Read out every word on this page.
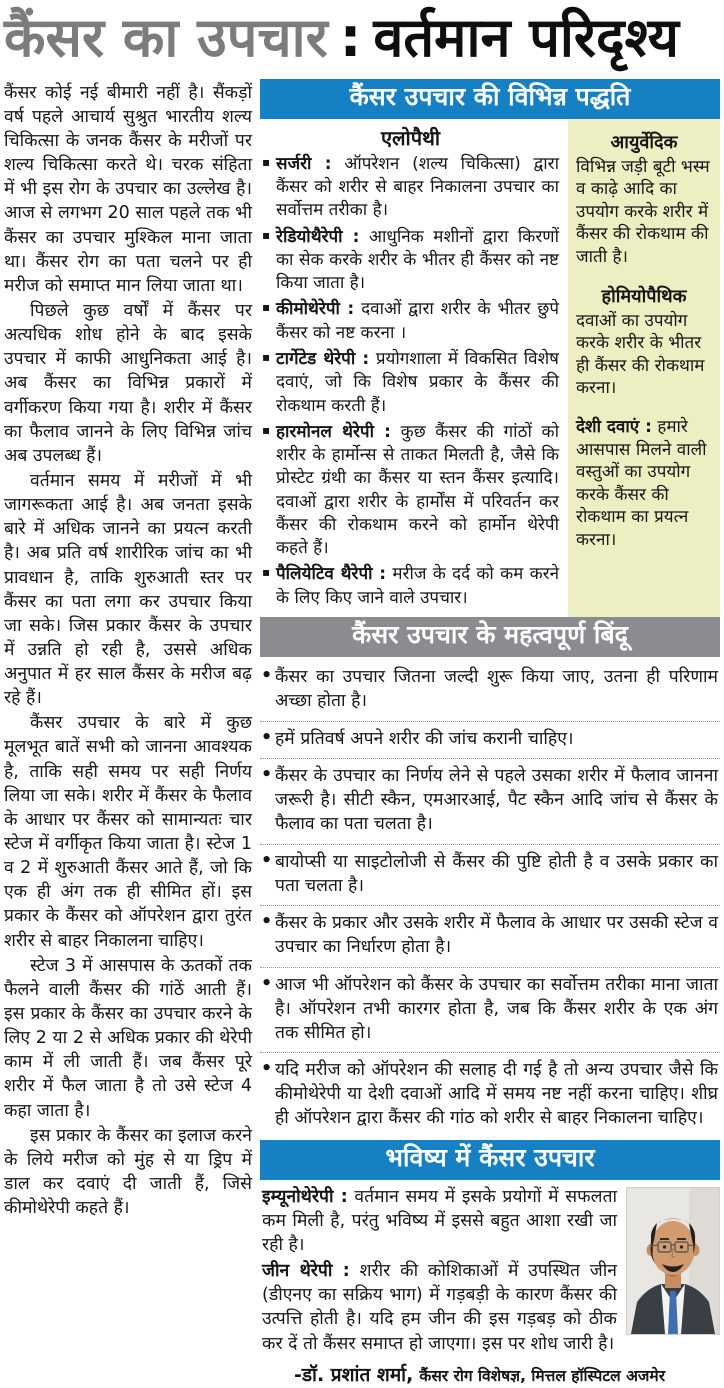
कैंसर का उपचार : वर्तमान परिदृश्य

कैंसर कोई नई बीमारी नहीं है। सैंकड़ों वर्ष पहले आचार्य सुश्रुत भारतीय शल्य चिकित्सा के जनक कैंसर के मरीजों पर शल्य चिकित्सा करते थे। चरक संहिता में भी इस रोग के उपचार का उल्लेख है। आज से लगभग 20 साल पहले तक भी कैंसर का उपचार मुश्किल माना जाता था। कैंसर रोग का पता चलने पर ही मरीज को समाप्त मान लिया जाता था।

पिछले कुछ वर्षों में कैंसर पर अत्यधिक शोध होने के बाद इसके उपचार में काफी आधुनिकता आई है। अब कैंसर का विभिन्न प्रकारों में वर्गीकरण किया गया है। शरीर में कैंसर का फैलाव जानने के लिए विभिन्न जांच अब उपलब्ध हैं।

वर्तमान समय में मरीजों में भी जागरूकता आई है। अब जनता इसके बारे में अधिक जानने का प्रयत्न करती है। अब प्रति वर्ष शारीरिक जांच का भी प्रावधान है, ताकि शुरुआती स्तर पर कैंसर का पता लगा कर उपचार किया जा सके। जिस प्रकार कैंसर के उपचार में उन्नति हो रही है, उससे अधिक अनुपात में हर साल कैंसर के मरीज बढ़ रहे हैं।

कैंसर उपचार के बारे में कुछ मूलभूत बातें सभी को जानना आवश्यक है, ताकि सही समय पर सही निर्णय लिया जा सके। शरीर में कैंसर के फैलाव के आधार पर कैंसर को सामान्यतः चार स्टेज में वर्गीकृत किया जाता है। स्टेज 1 व 2 में शुरुआती कैंसर आते हैं, जो कि एक ही अंग तक ही सीमित हों। इस प्रकार के कैंसर को ऑपरेशन द्वारा तुरंत शरीर से बाहर निकालना चाहिए।

स्टेज 3 में आसपास के ऊतकों तक फैलने वाली कैंसर की गांठें आती हैं। इस प्रकार के कैंसर का उपचार करने के लिए 2 या 2 से अधिक प्रकार की थेरेपी काम में ली जाती हैं। जब कैंसर पूरे शरीर में फैल जाता है तो उसे स्टेज 4 कहा जाता है।

इस प्रकार के कैंसर का इलाज करने के लिये मरीज को मुंह से या ड्रिप में डाल कर दवाएं दी जाती हैं, जिसे कीमोथेरेपी कहते हैं।

कैंसर उपचार की विभिन्न पद्धति
एलोपैथी
▪ सर्जरी : ऑपरेशन (शल्य चिकित्सा) द्वारा कैंसर को शरीर से बाहर निकालना उपचार का सर्वोत्तम तरीका है।
▪ रेडियोथैरेपी : आधुनिक मशीनों द्वारा किरणों का सेक करके शरीर के भीतर ही कैंसर को नष्ट किया जाता है।
▪ कीमोथेरेपी : दवाओं द्वारा शरीर के भीतर छुपे कैंसर को नष्ट करना ।
▪ टार्गेटेड थेरेपी : प्रयोगशाला में विकसित विशेष दवाएं, जो कि विशेष प्रकार के कैंसर की रोकथाम करती हैं।
▪ हारमोनल थेरेपी : कुछ कैंसर की गांठों को शरीर के हार्मोन्स से ताकत मिलती है, जैसे कि प्रोस्टेट ग्रंथी का कैंसर या स्तन कैंसर इत्यादि। दवाओं द्वारा शरीर के हार्मोंस में परिवर्तन कर कैंसर की रोकथाम करने को हार्मोन थेरेपी कहते हैं।
▪ पैलियेटिव थैरेपी : मरीज के दर्द को कम करने के लिए किए जाने वाले उपचार।
आयुर्वेदिक
विभिन्न जड़ी बूटी भस्म व काढ़े आदि का उपयोग करके शरीर में कैंसर की रोकथाम की जाती है।
होमियोपैथिक
दवाओं का उपयोग करके शरीर के भीतर ही कैंसर की रोकथाम करना।

देशी दवाएं : हमारे आसपास मिलने वाली वस्तुओं का उपयोग करके कैंसर की रोकथाम का प्रयत्न करना।

कैंसर उपचार के महत्वपूर्ण बिंदू
• कैंसर का उपचार जितना जल्दी शुरू किया जाए, उतना ही परिणाम अच्छा होता है।
• हमें प्रतिवर्ष अपने शरीर की जांच करानी चाहिए।
• कैंसर के उपचार का निर्णय लेने से पहले उसका शरीर में फैलाव जानना जरूरी है। सीटी स्कैन, एमआरआई, पैट स्कैन आदि जांच से कैंसर के फैलाव का पता चलता है।
• बायोप्सी या साइटोलोजी से कैंसर की पुष्टि होती है व उसके प्रकार का पता चलता है।
• कैंसर के प्रकार और उसके शरीर में फैलाव के आधार पर उसकी स्टेज व उपचार का निर्धारण होता है।
• आज भी ऑपरेशन को कैंसर के उपचार का सर्वोत्तम तरीका माना जाता है। ऑपरेशन तभी कारगर होता है, जब कि कैंसर शरीर के एक अंग तक सीमित हो।
• यदि मरीज को ऑपरेशन की सलाह दी गई है तो अन्य उपचार जैसे कि कीमोथेरेपी या देशी दवाओं आदि में समय नष्ट नहीं करना चाहिए। शीघ्र ही ऑपरेशन द्वारा कैंसर की गांठ को शरीर से बाहर निकालना चाहिए।
भविष्य में कैंसर उपचार

इम्यूनोथेरेपी : वर्तमान समय में इसके प्रयोगों में सफलता कम मिली है, परंतु भविष्य में इससे बहुत आशा रखी जा रही है।

जीन थेरेपी : शरीर की कोशिकाओं में उपस्थित जीन (डीएनए का सक्रिय भाग) में गड़बड़ी के कारण कैंसर की उत्पत्ति होती है। यदि हम जीन की इस गड़बड़ को ठीक कर दें तो कैंसर समाप्त हो जाएगा। इस पर शोध जारी है।

-डॉ. प्रशांत शर्मा, कैंसर रोग विशेषज्ञ, मित्तल हॉस्पिटल अजमेर
